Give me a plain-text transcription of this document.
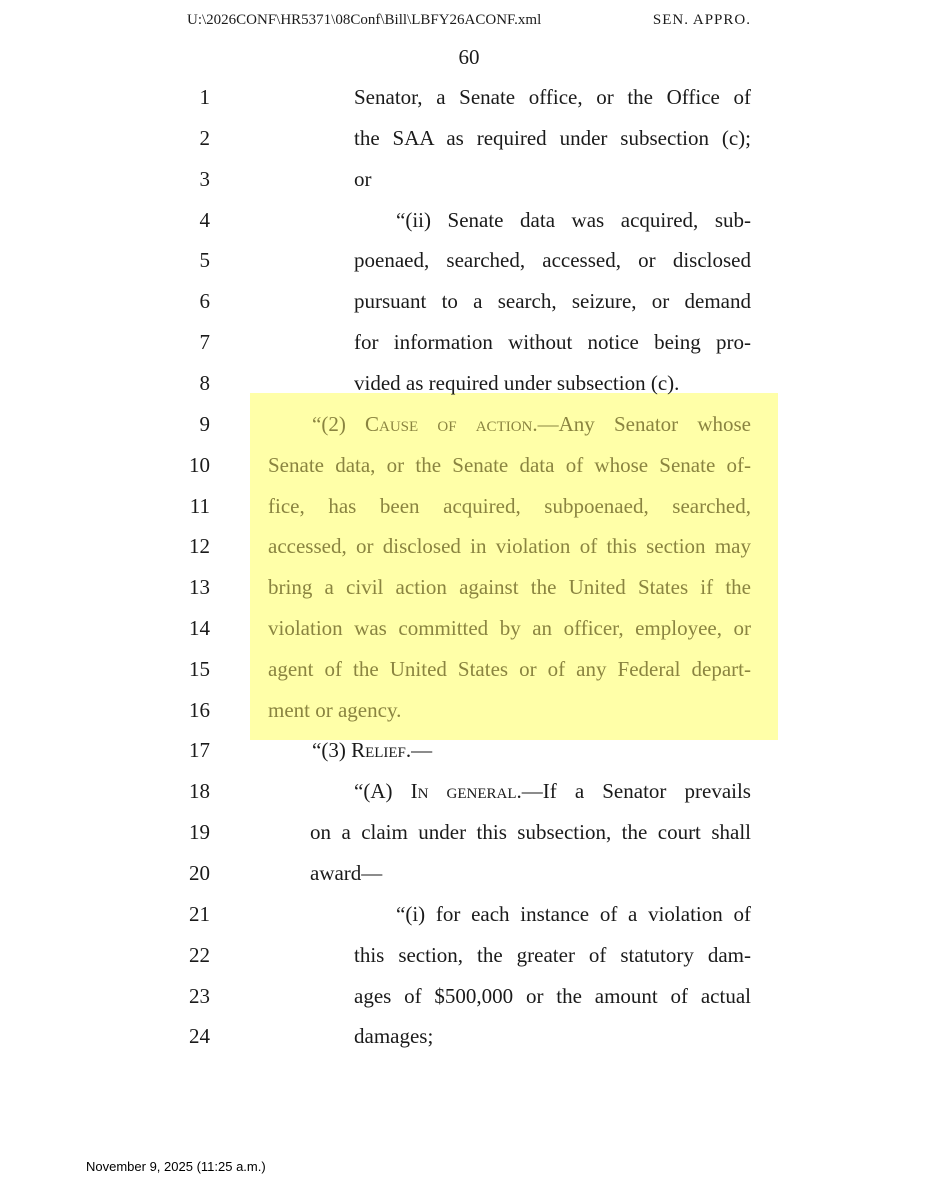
U:\2026CONF\HR5371\08Conf\Bill\LBFY26ACONF.xml	SEN. APPRO.
60
1	Senator, a Senate office, or the Office of
2	the SAA as required under subsection (c);
3	or
4	“(ii) Senate data was acquired, sub-
5	poenaed, searched, accessed, or disclosed
6	pursuant to a search, seizure, or demand
7	for information without notice being pro-
8	vided as required under subsection (c).
9	“(2) Cause of action.—Any Senator whose
10	Senate data, or the Senate data of whose Senate of-
11	fice, has been acquired, subpoenaed, searched,
12	accessed, or disclosed in violation of this section may
13	bring a civil action against the United States if the
14	violation was committed by an officer, employee, or
15	agent of the United States or of any Federal depart-
16	ment or agency.
17	“(3) Relief.—
18	“(A) In general.—If a Senator prevails
19	on a claim under this subsection, the court shall
20	award—
21	“(i) for each instance of a violation of
22	this section, the greater of statutory dam-
23	ages of $500,000 or the amount of actual
24	damages;
November 9, 2025 (11:25 a.m.)
